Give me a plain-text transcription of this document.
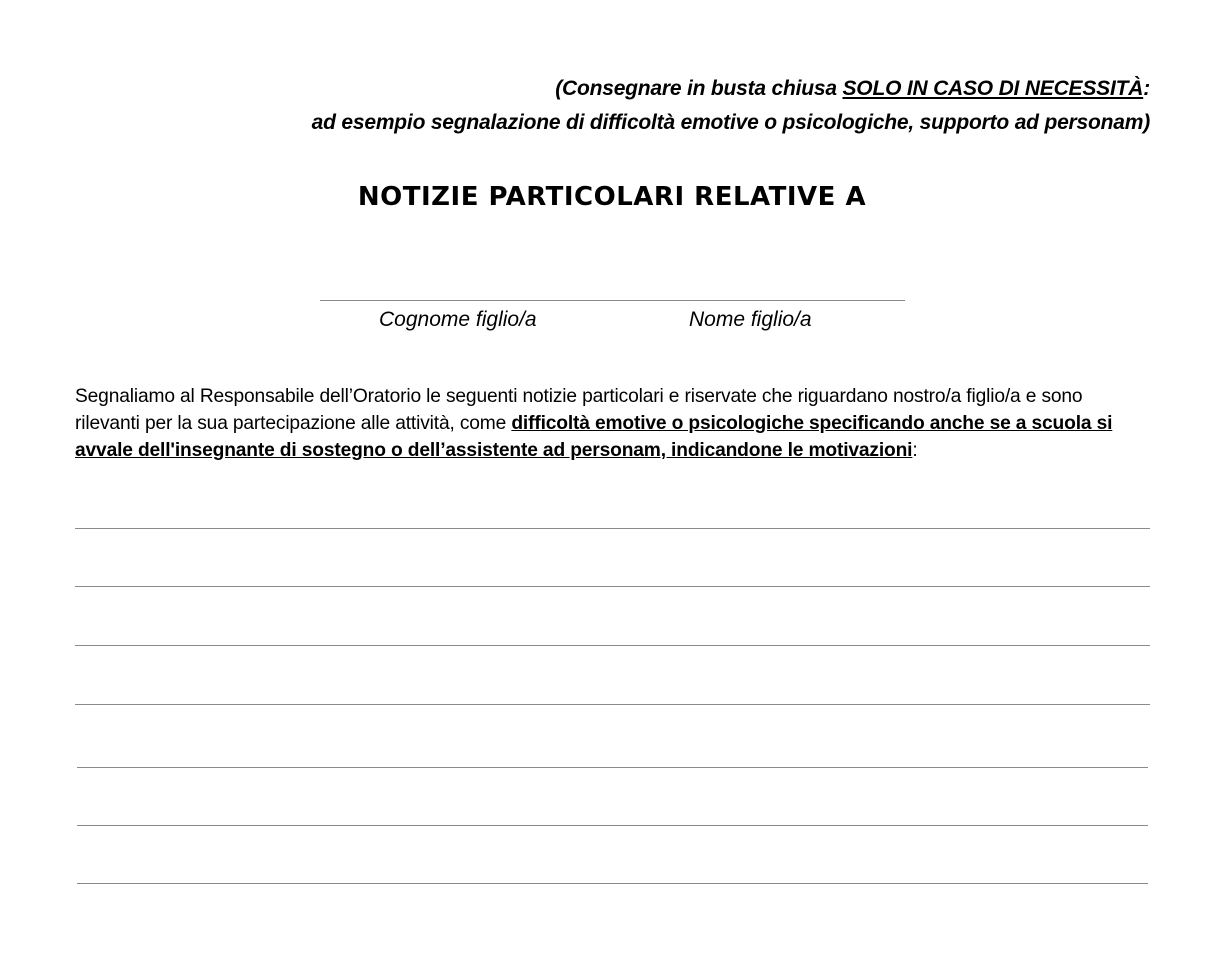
(Consegnare in busta chiusa SOLO IN CASO DI NECESSITÀ:
ad esempio segnalazione di difficoltà emotive o psicologiche, supporto ad personam)
NOTIZIE PARTICOLARI RELATIVE A
Cognome figlio/a	Nome figlio/a
Segnaliamo al Responsabile dell’Oratorio le seguenti notizie particolari e riservate che riguardano nostro/a figlio/a e sono rilevanti per la sua partecipazione alle attività, come difficoltà emotive o psicologiche specificando anche se a scuola si avvale dell'insegnante di sostegno o dell’assistente ad personam, indicandone le motivazioni:
